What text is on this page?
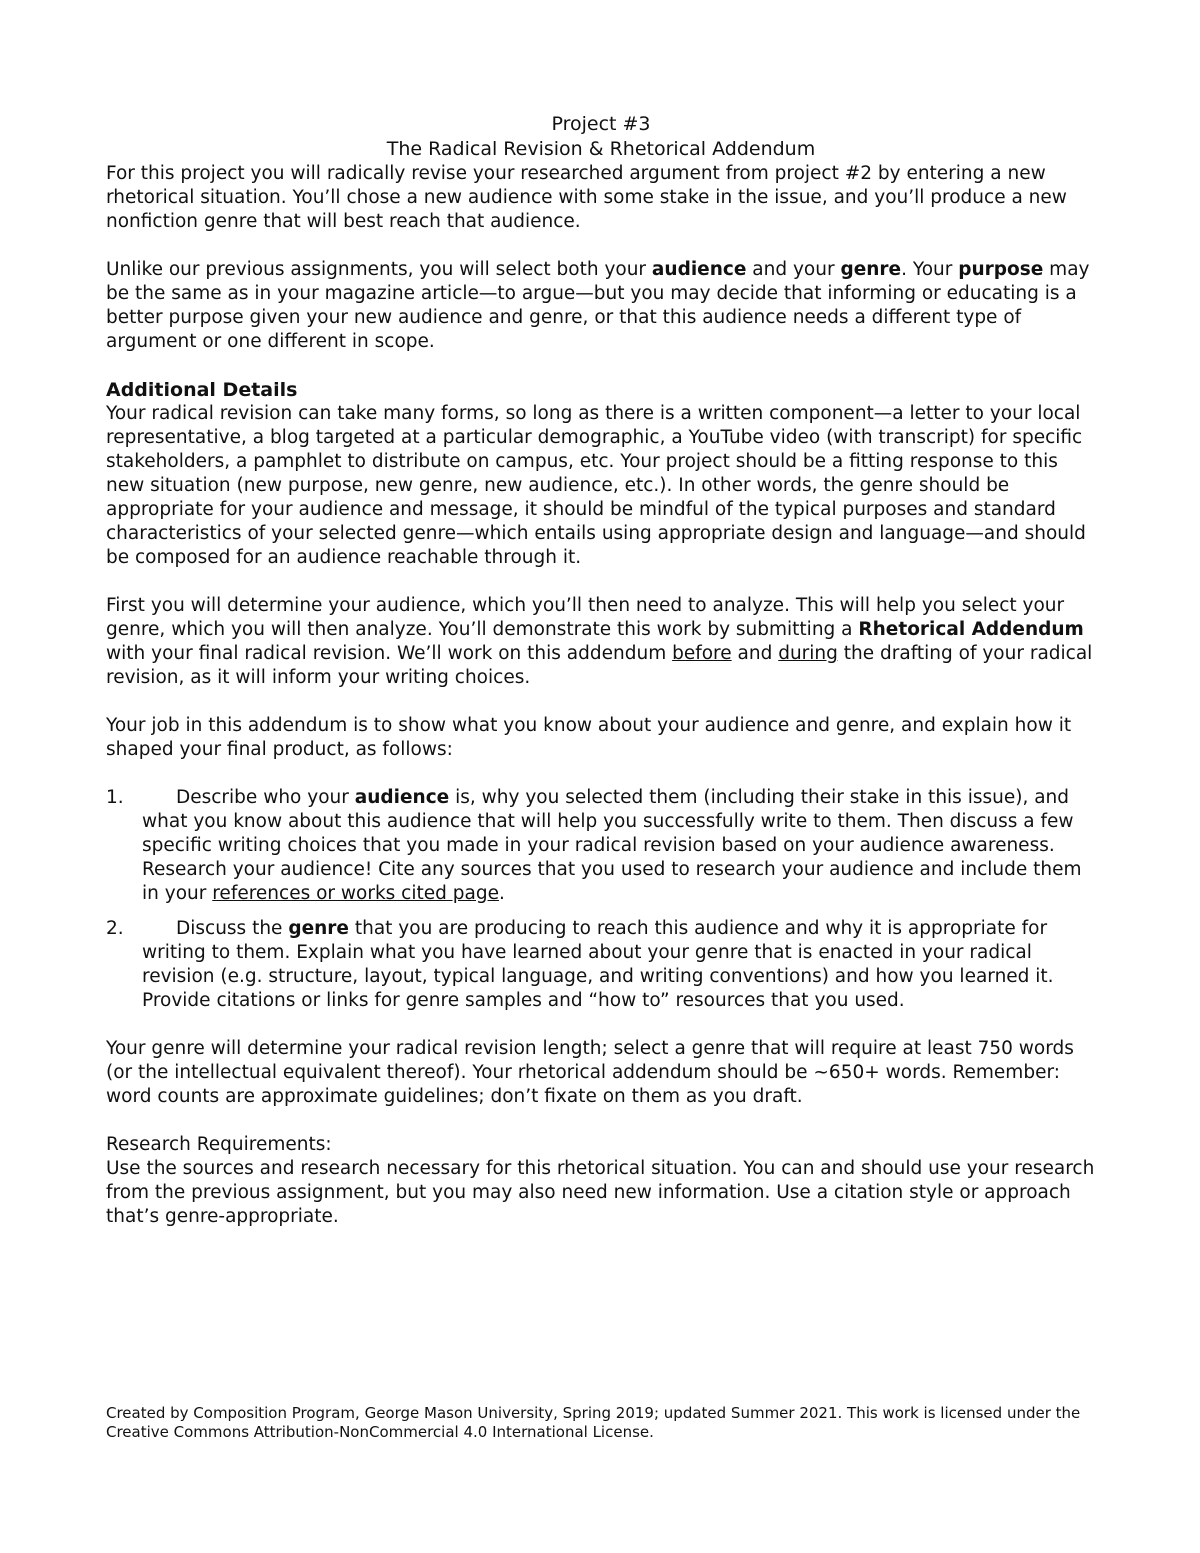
Project #3

The Radical Revision & Rhetorical Addendum

For this project you will radically revise your researched argument from project #2 by entering a new rhetorical situation. You’ll chose a new audience with some stake in the issue, and you’ll produce a new nonfiction genre that will best reach that audience.

Unlike our previous assignments, you will select both your audience and your genre. Your purpose may be the same as in your magazine article—to argue—but you may decide that informing or educating is a better purpose given your new audience and genre, or that this audience needs a different type of argument or one different in scope.

Additional Details

Your radical revision can take many forms, so long as there is a written component—a letter to your local representative, a blog targeted at a particular demographic, a YouTube video (with transcript) for specific stakeholders, a pamphlet to distribute on campus, etc. Your project should be a fitting response to this new situation (new purpose, new genre, new audience, etc.). In other words, the genre should be appropriate for your audience and message, it should be mindful of the typical purposes and standard characteristics of your selected genre—which entails using appropriate design and language—and should be composed for an audience reachable through it.

First you will determine your audience, which you’ll then need to analyze. This will help you select your genre, which you will then analyze. You’ll demonstrate this work by submitting a Rhetorical Addendum with your final radical revision. We’ll work on this addendum before and during the drafting of your radical revision, as it will inform your writing choices.

Your job in this addendum is to show what you know about your audience and genre, and explain how it shaped your final product, as follows:

1.	Describe who your audience is, why you selected them (including their stake in this issue), and what you know about this audience that will help you successfully write to them. Then discuss a few specific writing choices that you made in your radical revision based on your audience awareness. Research your audience! Cite any sources that you used to research your audience and include them in your references or works cited page.
2.	Discuss the genre that you are producing to reach this audience and why it is appropriate for writing to them. Explain what you have learned about your genre that is enacted in your radical revision (e.g. structure, layout, typical language, and writing conventions) and how you learned it. Provide citations or links for genre samples and “how to” resources that you used.

Your genre will determine your radical revision length; select a genre that will require at least 750 words (or the intellectual equivalent thereof). Your rhetorical addendum should be ~650+ words. Remember: word counts are approximate guidelines; don’t fixate on them as you draft.

Research Requirements:

Use the sources and research necessary for this rhetorical situation. You can and should use your research from the previous assignment, but you may also need new information. Use a citation style or approach that’s genre-appropriate.

Created by Composition Program, George Mason University, Spring 2019; updated Summer 2021. This work is licensed under the Creative Commons Attribution-NonCommercial 4.0 International License.
